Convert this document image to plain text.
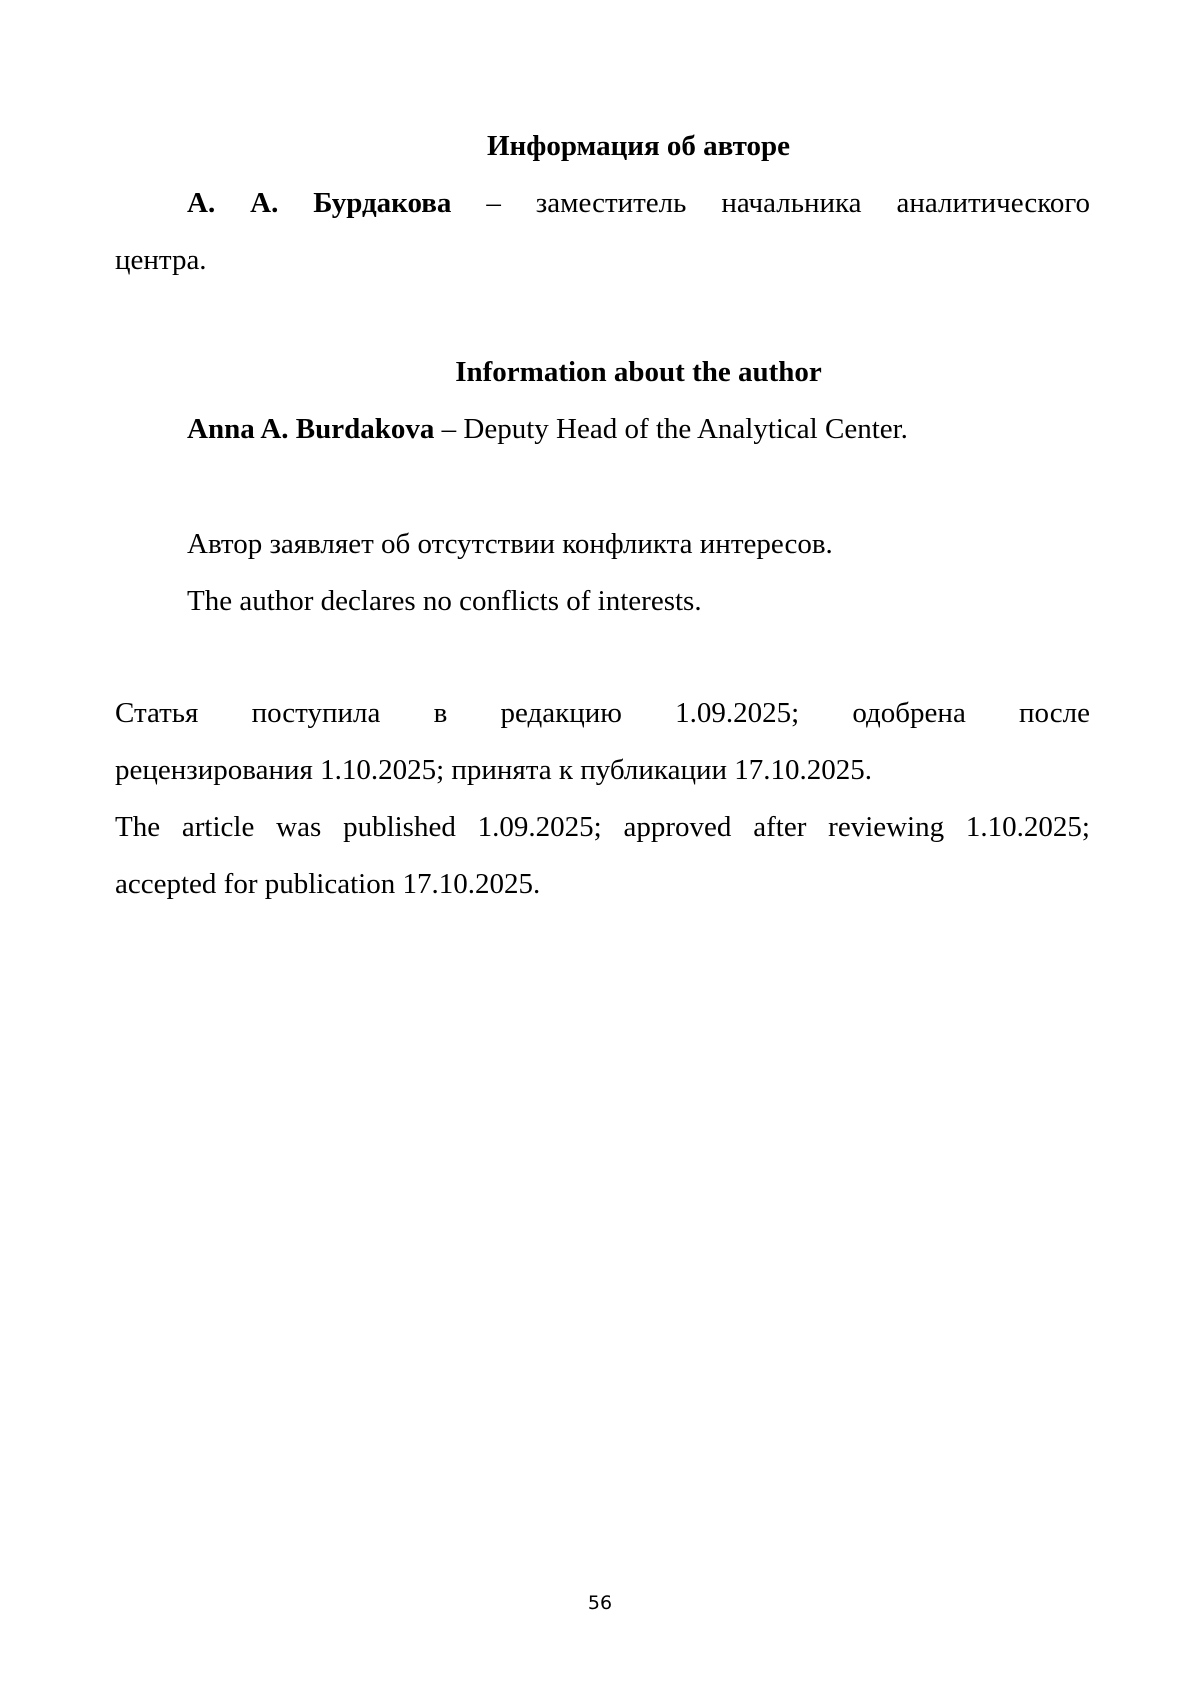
Информация об авторе

А. А. Бурдакова – заместитель начальника аналитического

центра.

Information about the author

Anna A. Burdakova – Deputy Head of the Analytical Center.

Автор заявляет об отсутствии конфликта интересов.

The author declares no conflicts of interests.

Статья поступила в редакцию 1.09.2025; одобрена после

рецензирования 1.10.2025; принята к публикации 17.10.2025.

The article was published 1.09.2025; approved after reviewing 1.10.2025;

accepted for publication 17.10.2025.

56
